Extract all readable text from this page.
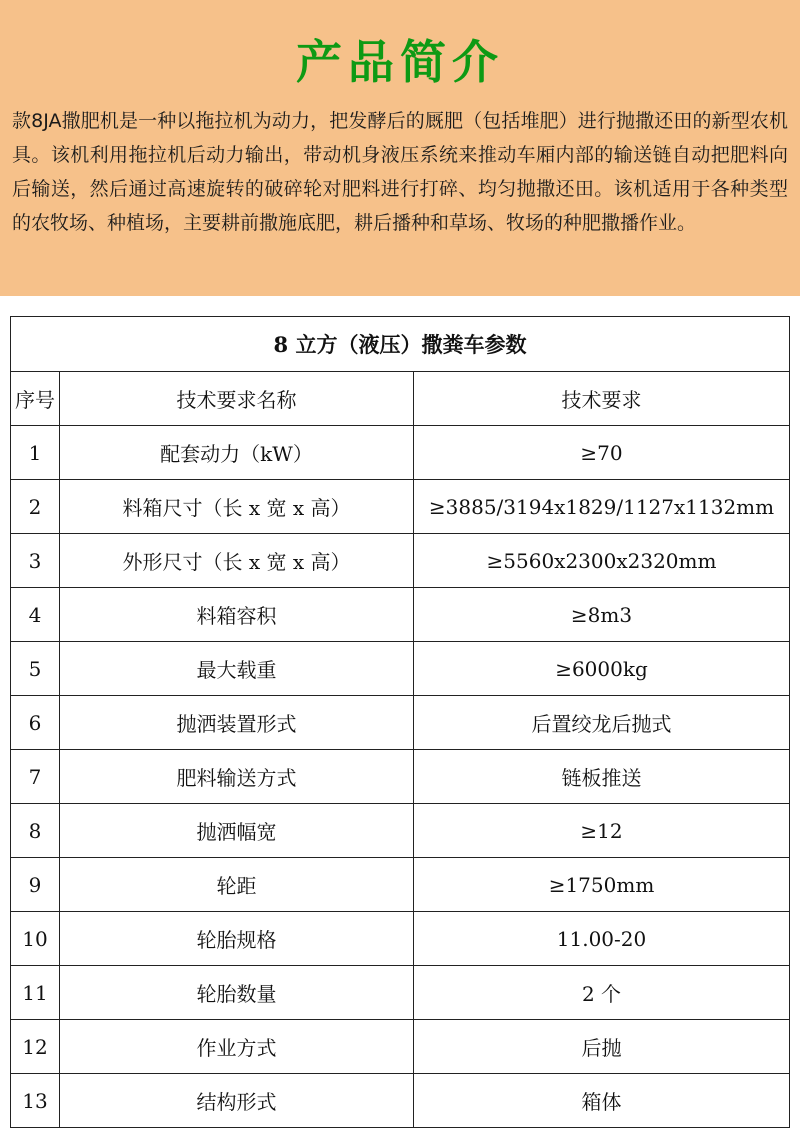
产品简介

款8JA撒肥机是一种以拖拉机为动力，把发酵后的厩肥（包括堆肥）进行抛撒还田的新型农机具。该机利用拖拉机后动力输出，带动机身液压系统来推动车厢内部的输送链自动把肥料向后输送，然后通过高速旋转的破碎轮对肥料进行打碎、均匀抛撒还田。该机适用于各种类型的农牧场、种植场，主要耕前撒施底肥，耕后播种和草场、牧场的种肥撒播作业。

8 立方（液压）撒粪车参数		
序号	技术要求名称	技术要求
1	配套动力（kW）	≥70
2	料箱尺寸（长 x 宽 x 高）	≥3885/3194x1829/1127x1132mm
3	外形尺寸（长 x 宽 x 高）	≥5560x2300x2320mm
4	料箱容积	≥8m3
5	最大载重	≥6000kg
6	抛洒装置形式	后置绞龙后抛式
7	肥料输送方式	链板推送
8	抛洒幅宽	≥12
9	轮距	≥1750mm
10	轮胎规格	11.00-20
11	轮胎数量	2 个
12	作业方式	后抛
13	结构形式	箱体
